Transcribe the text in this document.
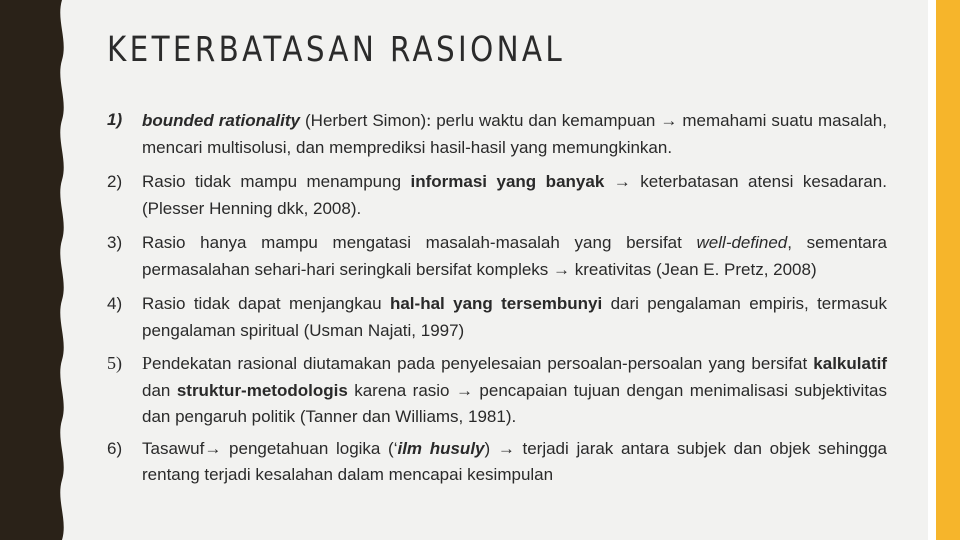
KETERBATASAN RASIONAL
1) bounded rationality (Herbert Simon): perlu waktu dan kemampuan → memahami suatu masalah, mencari multisolusi, dan memprediksi hasil-hasil yang memungkinkan.
2) Rasio tidak mampu menampung informasi yang banyak → keterbatasan atensi kesadaran. (Plesser Henning dkk, 2008).
3) Rasio hanya mampu mengatasi masalah-masalah yang bersifat well-defined, sementara permasalahan sehari-hari seringkali bersifat kompleks → kreativitas (Jean E. Pretz, 2008)
4) Rasio tidak dapat menjangkau hal-hal yang tersembunyi dari pengalaman empiris, termasuk pengalaman spiritual (Usman Najati, 1997)
5) Pendekatan rasional diutamakan pada penyelesaian persoalan-persoalan yang bersifat kalkulatif dan struktur-metodologis karena rasio → pencapaian tujuan dengan menimalisasi subjektivitas dan pengaruh politik (Tanner dan Williams, 1981).
6) Tasawuf→ pengetahuan logika (‘ilm husuly) → terjadi jarak antara subjek dan objek sehingga rentang terjadi kesalahan dalam mencapai kesimpulan
